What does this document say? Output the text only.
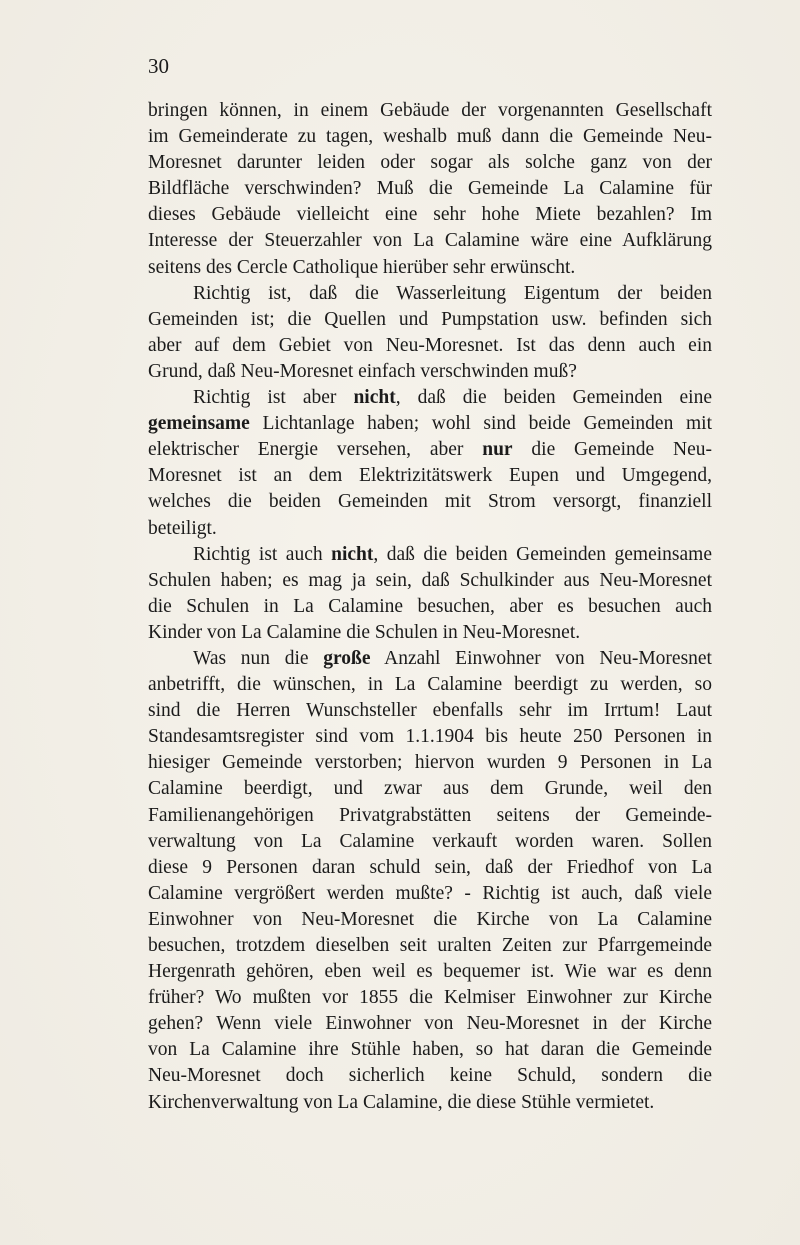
30
bringen können, in einem Gebäude der vorgenannten Gesellschaft
im Gemeinderate zu tagen, weshalb muß dann die Gemeinde Neu-
Moresnet darunter leiden oder sogar als solche ganz von der
Bildfläche verschwinden? Muß die Gemeinde La Calamine für
dieses Gebäude vielleicht eine sehr hohe Miete bezahlen? Im
Interesse der Steuerzahler von La Calamine wäre eine Aufklärung
seitens des Cercle Catholique hierüber sehr erwünscht.
Richtig ist, daß die Wasserleitung Eigentum der beiden
Gemeinden ist; die Quellen und Pumpstation usw. befinden sich
aber auf dem Gebiet von Neu-Moresnet. Ist das denn auch ein
Grund, daß Neu-Moresnet einfach verschwinden muß?
Richtig ist aber nicht, daß die beiden Gemeinden eine
gemeinsame Lichtanlage haben; wohl sind beide Gemeinden mit
elektrischer Energie versehen, aber nur die Gemeinde Neu-
Moresnet ist an dem Elektrizitätswerk Eupen und Umgegend,
welches die beiden Gemeinden mit Strom versorgt, finanziell
beteiligt.
Richtig ist auch nicht, daß die beiden Gemeinden gemeinsame
Schulen haben; es mag ja sein, daß Schulkinder aus Neu-Moresnet
die Schulen in La Calamine besuchen, aber es besuchen auch
Kinder von La Calamine die Schulen in Neu-Moresnet.
Was nun die große Anzahl Einwohner von Neu-Moresnet
anbetrifft, die wünschen, in La Calamine beerdigt zu werden, so
sind die Herren Wunschsteller ebenfalls sehr im Irrtum! Laut
Standesamtsregister sind vom 1.1.1904 bis heute 250 Personen in
hiesiger Gemeinde verstorben; hiervon wurden 9 Personen in La
Calamine beerdigt, und zwar aus dem Grunde, weil den
Familienangehörigen Privatgrabstätten seitens der Gemeinde-
verwaltung von La Calamine verkauft worden waren. Sollen
diese 9 Personen daran schuld sein, daß der Friedhof von La
Calamine vergrößert werden mußte? - Richtig ist auch, daß viele
Einwohner von Neu-Moresnet die Kirche von La Calamine
besuchen, trotzdem dieselben seit uralten Zeiten zur Pfarrgemeinde
Hergenrath gehören, eben weil es bequemer ist. Wie war es denn
früher? Wo mußten vor 1855 die Kelmiser Einwohner zur Kirche
gehen? Wenn viele Einwohner von Neu-Moresnet in der Kirche
von La Calamine ihre Stühle haben, so hat daran die Gemeinde
Neu-Moresnet doch sicherlich keine Schuld, sondern die
Kirchenverwaltung von La Calamine, die diese Stühle vermietet.
